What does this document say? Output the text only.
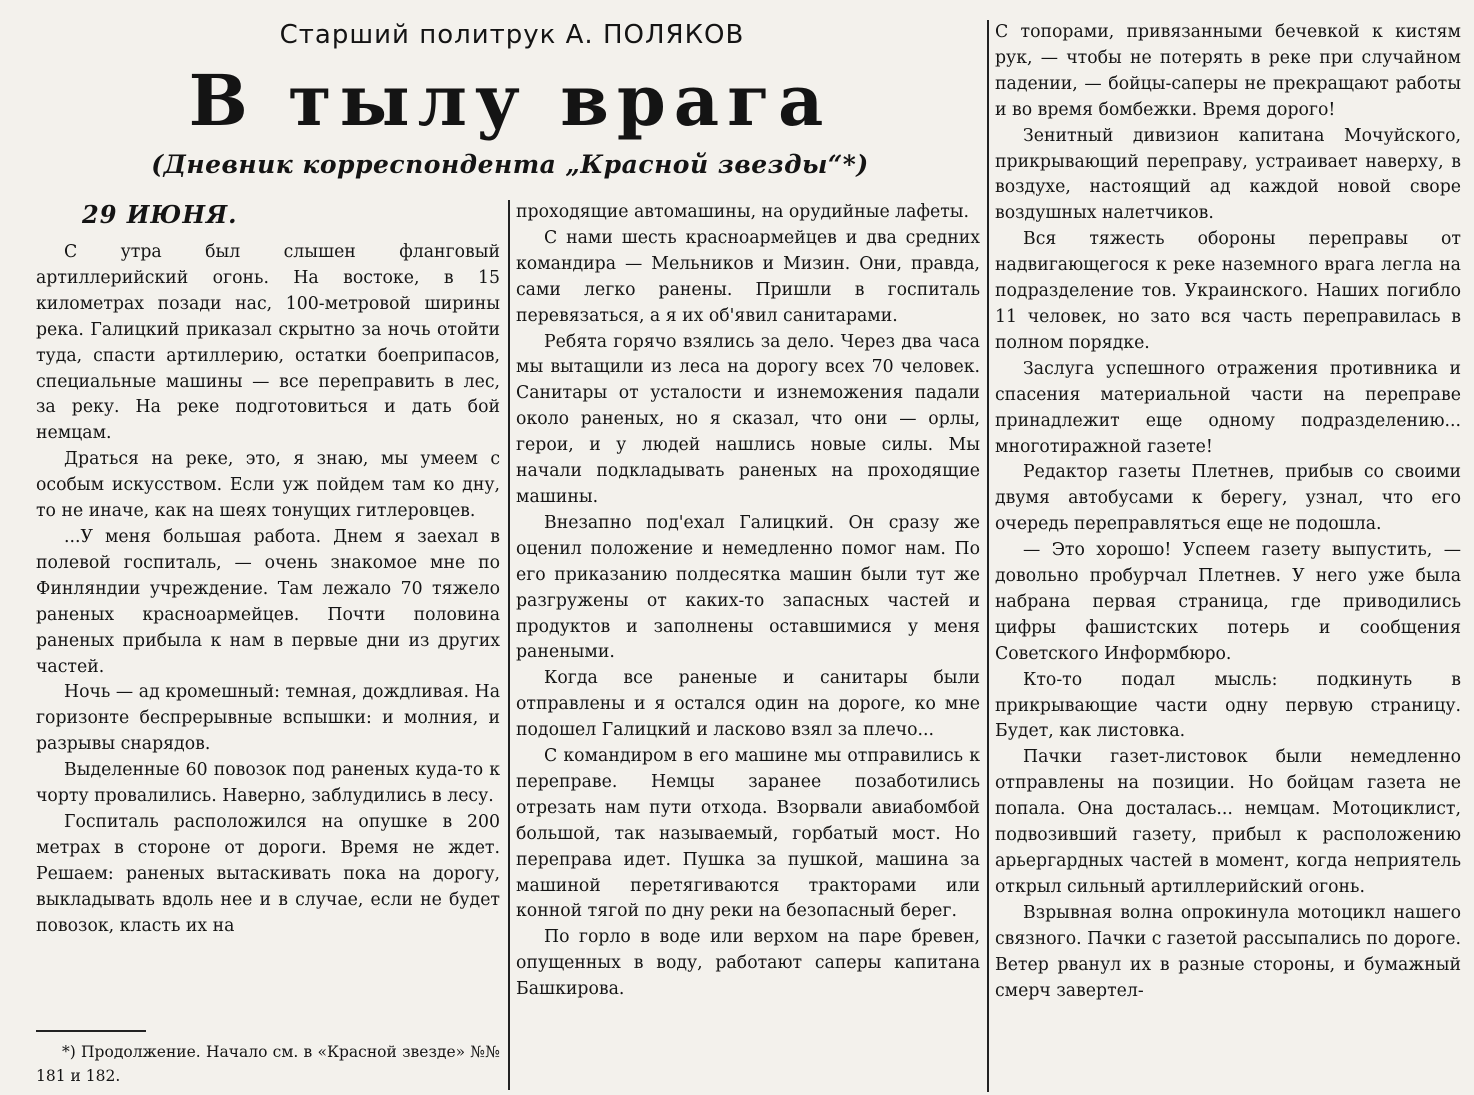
Старший политрук А. ПОЛЯКОВ
В тылу врага
(Дневник корреспондента „Красной звезды“*)
29 ИЮНЯ.

С утра был слышен фланговый артиллерийский огонь. На востоке, в 15 километрах позади нас, 100-метровой ширины река. Галицкий приказал скрытно за ночь отойти туда, спасти артиллерию, остатки боеприпасов, специальные машины — все переправить в лес, за реку. На реке подготовиться и дать бой немцам.

Драться на реке, это, я знаю, мы умеем с особым искусством. Если уж пойдем там ко дну, то не иначе, как на шеях тонущих гитлеровцев.

...У меня большая работа. Днем я заехал в полевой госпиталь, — очень знакомое мне по Финляндии учреждение. Там лежало 70 тяжело раненых красноармейцев. Почти половина раненых прибыла к нам в первые дни из других частей.

Ночь — ад кромешный: темная, дождливая. На горизонте беспрерывные вспышки: и молния, и разрывы снарядов.

Выделенные 60 повозок под раненых куда-то к чорту провалились. Наверно, заблудились в лесу.

Госпиталь расположился на опушке в 200 метрах в стороне от дороги. Время не ждет. Решаем: раненых вытаскивать пока на дорогу, выкладывать вдоль нее и в случае, если не будет повозок, класть их на

*) Продолжение. Начало см. в «Красной звезде» №№ 181 и 182.

проходящие автомашины, на орудийные лафеты.

С нами шесть красноармейцев и два средних командира — Мельников и Мизин. Они, правда, сами легко ранены. Пришли в госпиталь перевязаться, а я их об'явил санитарами.

Ребята горячо взялись за дело. Через два часа мы вытащили из леса на дорогу всех 70 человек. Санитары от усталости и изнеможения падали около раненых, но я сказал, что они — орлы, герои, и у людей нашлись новые силы. Мы начали подкладывать раненых на проходящие машины.

Внезапно под'ехал Галицкий. Он сразу же оценил положение и немедленно помог нам. По его приказанию полдесятка машин были тут же разгружены от каких-то запасных частей и продуктов и заполнены оставшимися у меня ранеными.

Когда все раненые и санитары были отправлены и я остался один на дороге, ко мне подошел Галицкий и ласково взял за плечо...

С командиром в его машине мы отправились к переправе. Немцы заранее позаботились отрезать нам пути отхода. Взорвали авиабомбой большой, так называемый, горбатый мост. Но переправа идет. Пушка за пушкой, машина за машиной перетягиваются тракторами или конной тягой по дну реки на безопасный берег.

По горло в воде или верхом на паре бревен, опущенных в воду, работают саперы капитана Башкирова.

С топорами, привязанными бечевкой к кистям рук, — чтобы не потерять в реке при случайном падении, — бойцы-саперы не прекращают работы и во время бомбежки. Время дорого!

Зенитный дивизион капитана Мочуйского, прикрывающий переправу, устраивает наверху, в воздухе, настоящий ад каждой новой своре воздушных налетчиков.

Вся тяжесть обороны переправы от надвигающегося к реке наземного врага легла на подразделение тов. Украинского. Наших погибло 11 человек, но зато вся часть переправилась в полном порядке.

Заслуга успешного отражения противника и спасения материальной части на переправе принадлежит еще одному подразделению... многотиражной газете!

Редактор газеты Плетнев, прибыв со своими двумя автобусами к берегу, узнал, что его очередь переправляться еще не подошла.

— Это хорошо! Успеем газету выпустить, — довольно пробурчал Плетнев. У него уже была набрана первая страница, где приводились цифры фашистских потерь и сообщения Советского Информбюро.

Кто-то подал мысль: подкинуть в прикрывающие части одну первую страницу. Будет, как листовка.

Пачки газет-листовок были немедленно отправлены на позиции. Но бойцам газета не попала. Она досталась... немцам. Мотоциклист, подвозивший газету, прибыл к расположению арьергардных частей в момент, когда неприятель открыл сильный артиллерийский огонь.

Взрывная волна опрокинула мотоцикл нашего связного. Пачки с газетой рассыпались по дороге. Ветер рванул их в разные стороны, и бумажный смерч завертел-
